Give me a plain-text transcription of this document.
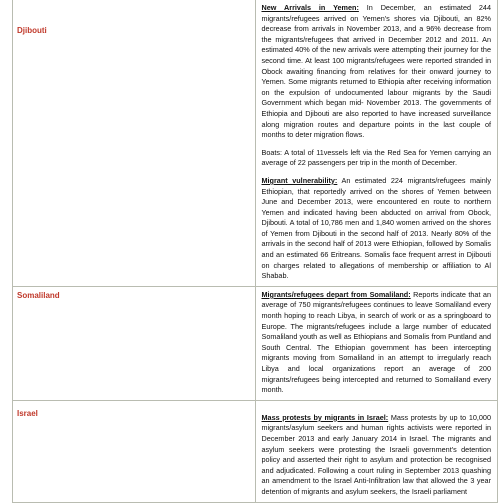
Djibouti	New Arrivals in Yemen: In December, an estimated 244 migrants/refugees arrived on Yemen's shores via Djibouti, an 82% decrease from arrivals in November 2013, and a 96% decrease from the migrants/refugees that arrived in December 2012 and 2011. An estimated 40% of the new arrivals were attempting their journey for the second time. At least 100 migrants/refugees were reported stranded in Obock awaiting financing from relatives for their onward journey to Yemen. Some migrants returned to Ethiopia after receiving information on the expulsion of undocumented labour migrants by the Saudi Government which began mid- November 2013. The governments of Ethiopia and Djibouti are also reported to have increased surveillance along migration routes and departure points in the last couple of months to deter migration flows.

Boats: A total of 11vessels left via the Red Sea for Yemen carrying an average of 22 passengers per trip in the month of December.

Migrant vulnerability: An estimated 224 migrants/refugees mainly Ethiopian, that reportedly arrived on the shores of Yemen between June and December 2013, were encountered en route to northern Yemen and indicated having been abducted on arrival from Obock, Djibouti. A total of 10,786 men and 1,840 women arrived on the shores of Yemen from Djibouti in the second half of 2013. Nearly 80% of the arrivals in the second half of 2013 were Ethiopian, followed by Somalis and an estimated 66 Eritreans. Somalis face frequent arrest in Djibouti on charges related to allegations of membership or affiliation to Al Shabab.

Somaliland	Migrants/refugees depart from Somaliland: Reports indicate that an average of 750 migrants/refugees continues to leave Somaliland every month hoping to reach Libya, in search of work or as a springboard to Europe. The migrants/refugees include a large number of educated Somaliland youth as well as Ethiopians and Somalis from Puntland and South Central. The Ethiopian government has been intercepting migrants moving from Somaliland in an attempt to irregularly reach Libya and local organizations report an average of 200 migrants/refugees being intercepted and returned to Somaliland every month.

Israel	Mass protests by migrants in Israel: Mass protests by up to 10,000 migrants/asylum seekers and human rights activists were reported in December 2013 and early January 2014 in Israel. The migrants and asylum seekers were protesting the Israeli government's detention policy and asserted their right to asylum and protection be recognised and adjudicated. Following a court ruling in September 2013 quashing an amendment to the Israel Anti-Infiltration law that allowed the 3 year detention of migrants and asylum seekers, the Israeli parliament
